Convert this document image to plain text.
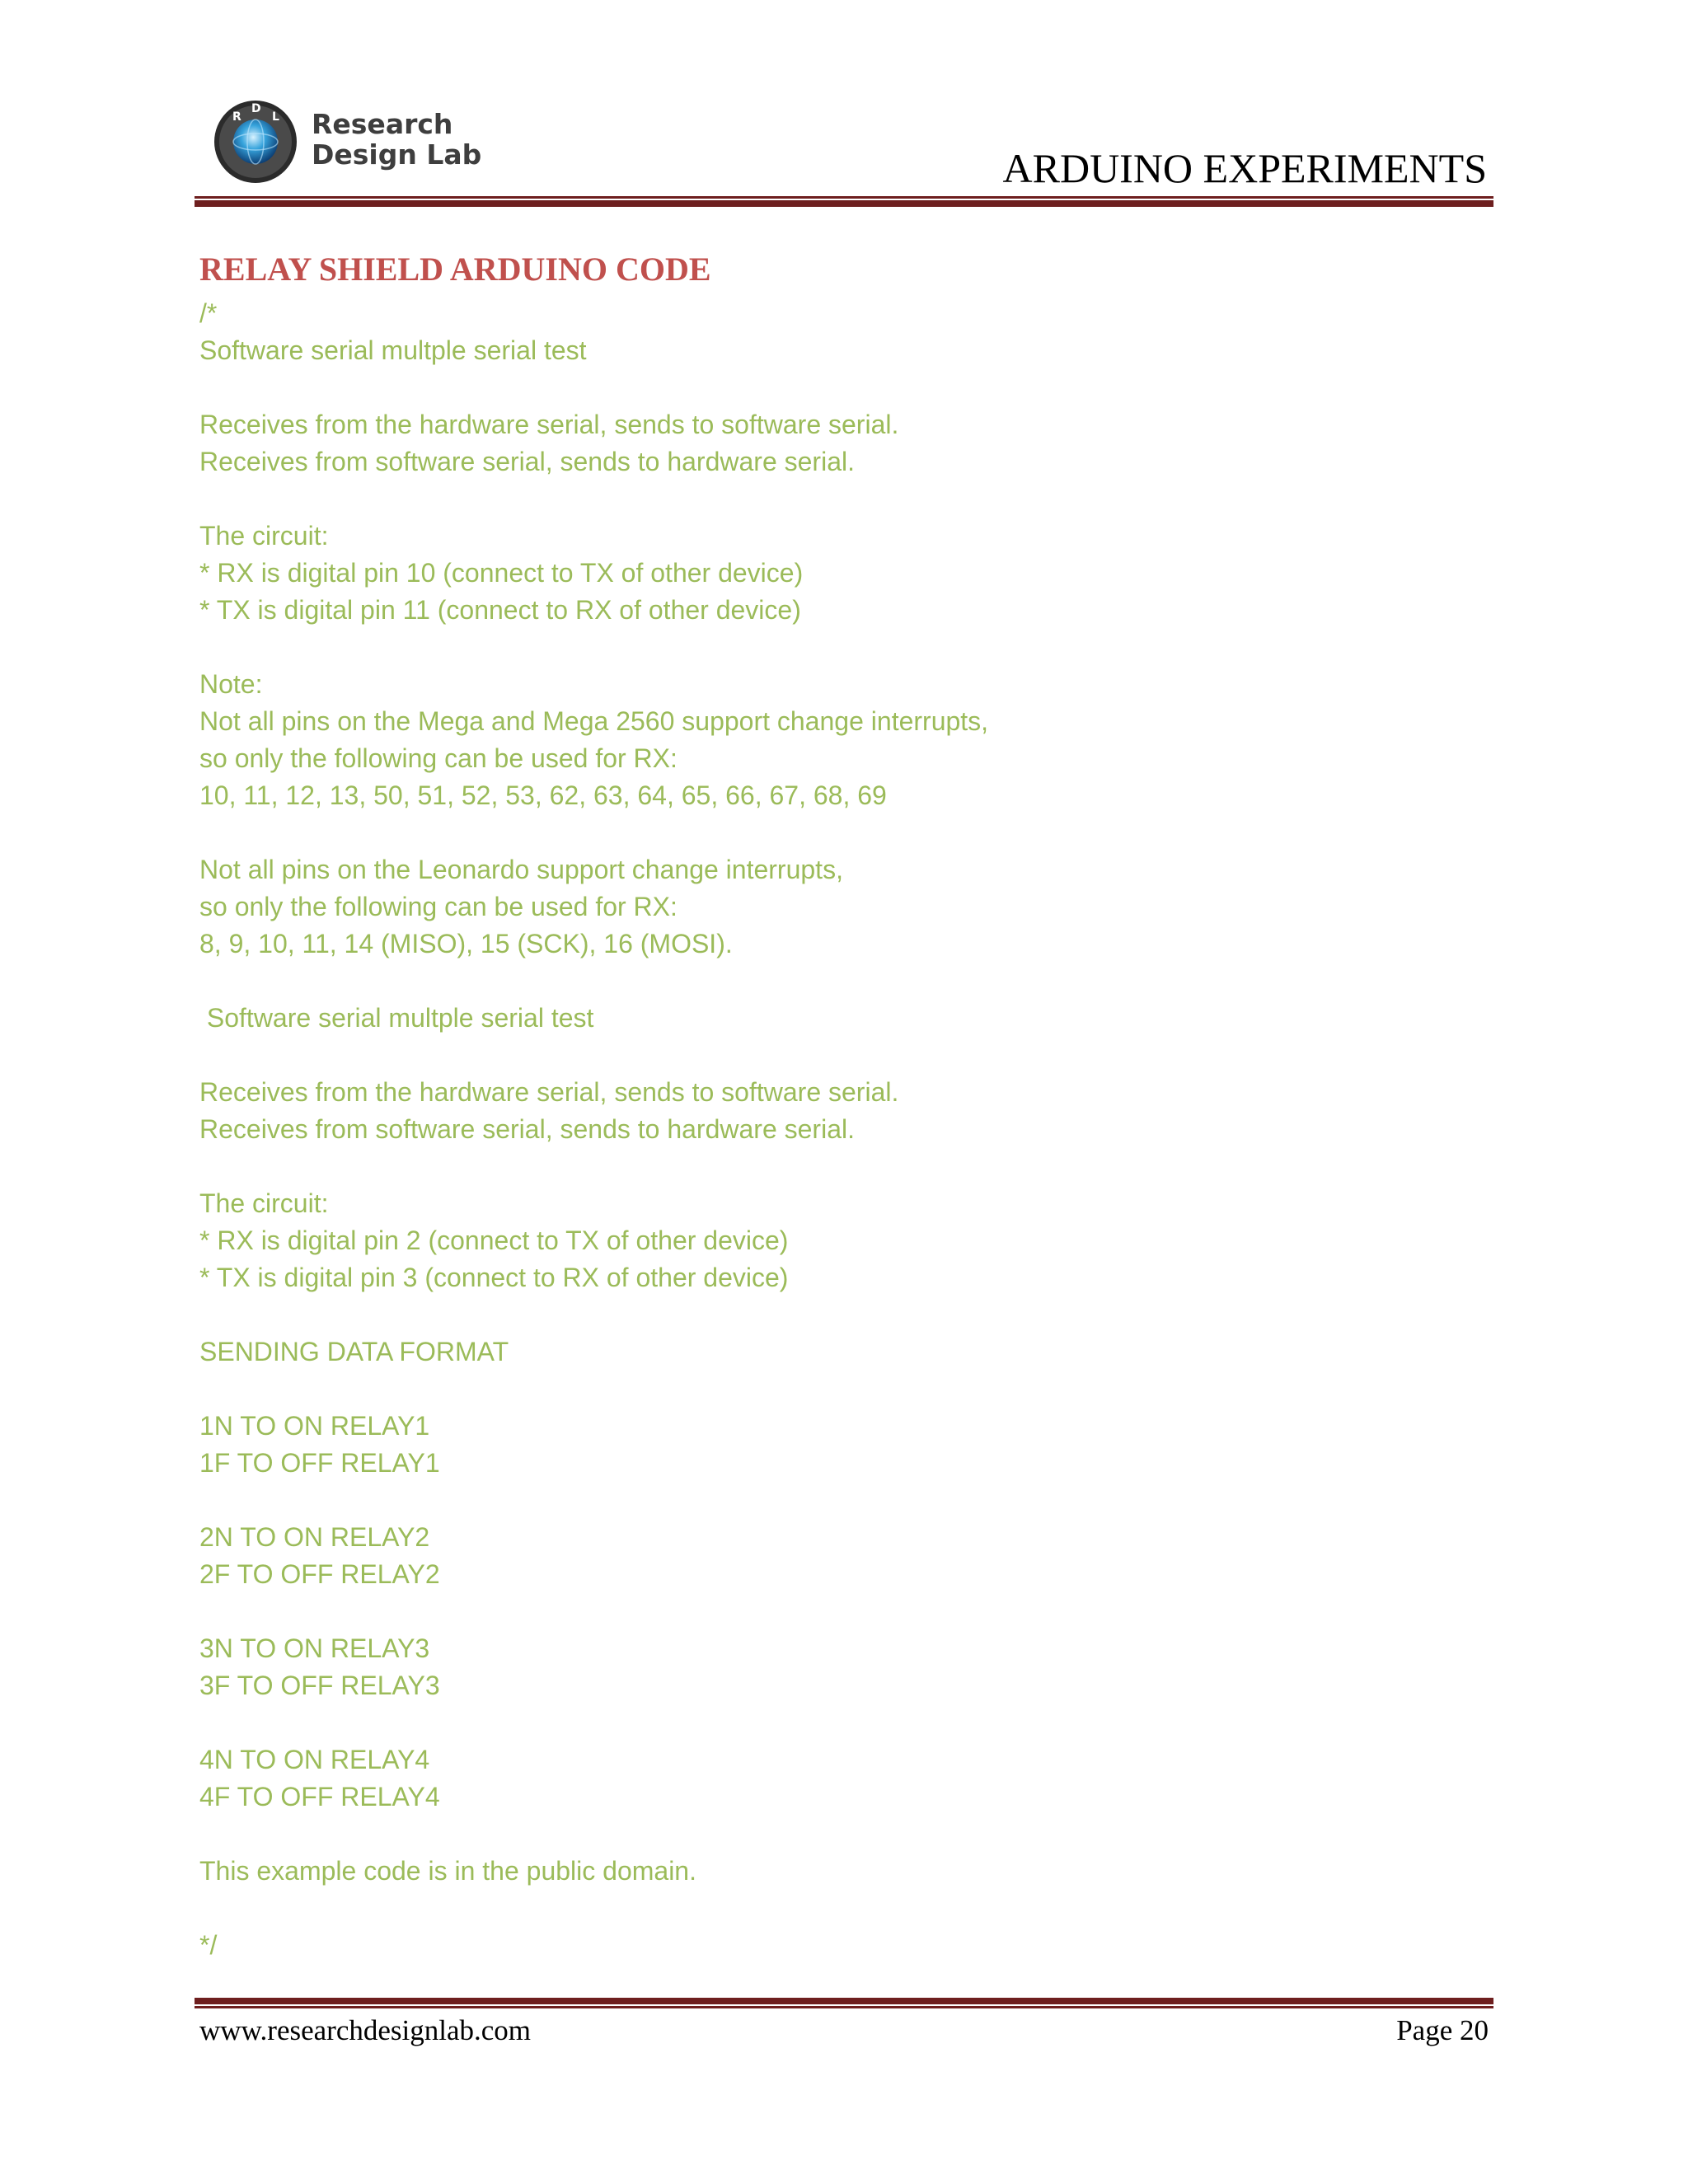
R
D
L Research
Design Lab	ARDUINO EXPERIMENTS
RELAY SHIELD ARDUINO CODE
/*
Software serial multple serial test
Receives from the hardware serial, sends to software serial.
Receives from software serial, sends to hardware serial.
The circuit:
* RX is digital pin 10 (connect to TX of other device)
* TX is digital pin 11 (connect to RX of other device)
Note:
Not all pins on the Mega and Mega 2560 support change interrupts,
so only the following can be used for RX:
10, 11, 12, 13, 50, 51, 52, 53, 62, 63, 64, 65, 66, 67, 68, 69
Not all pins on the Leonardo support change interrupts,
so only the following can be used for RX:
8, 9, 10, 11, 14 (MISO), 15 (SCK), 16 (MOSI).
Software serial multple serial test
Receives from the hardware serial, sends to software serial.
Receives from software serial, sends to hardware serial.
The circuit:
* RX is digital pin 2 (connect to TX of other device)
* TX is digital pin 3 (connect to RX of other device)
SENDING DATA FORMAT
1N TO ON RELAY1
1F TO OFF RELAY1
2N TO ON RELAY2
2F TO OFF RELAY2
3N TO ON RELAY3
3F TO OFF RELAY3
4N TO ON RELAY4
4F TO OFF RELAY4
This example code is in the public domain.
*/
www.researchdesignlab.com	Page 20
